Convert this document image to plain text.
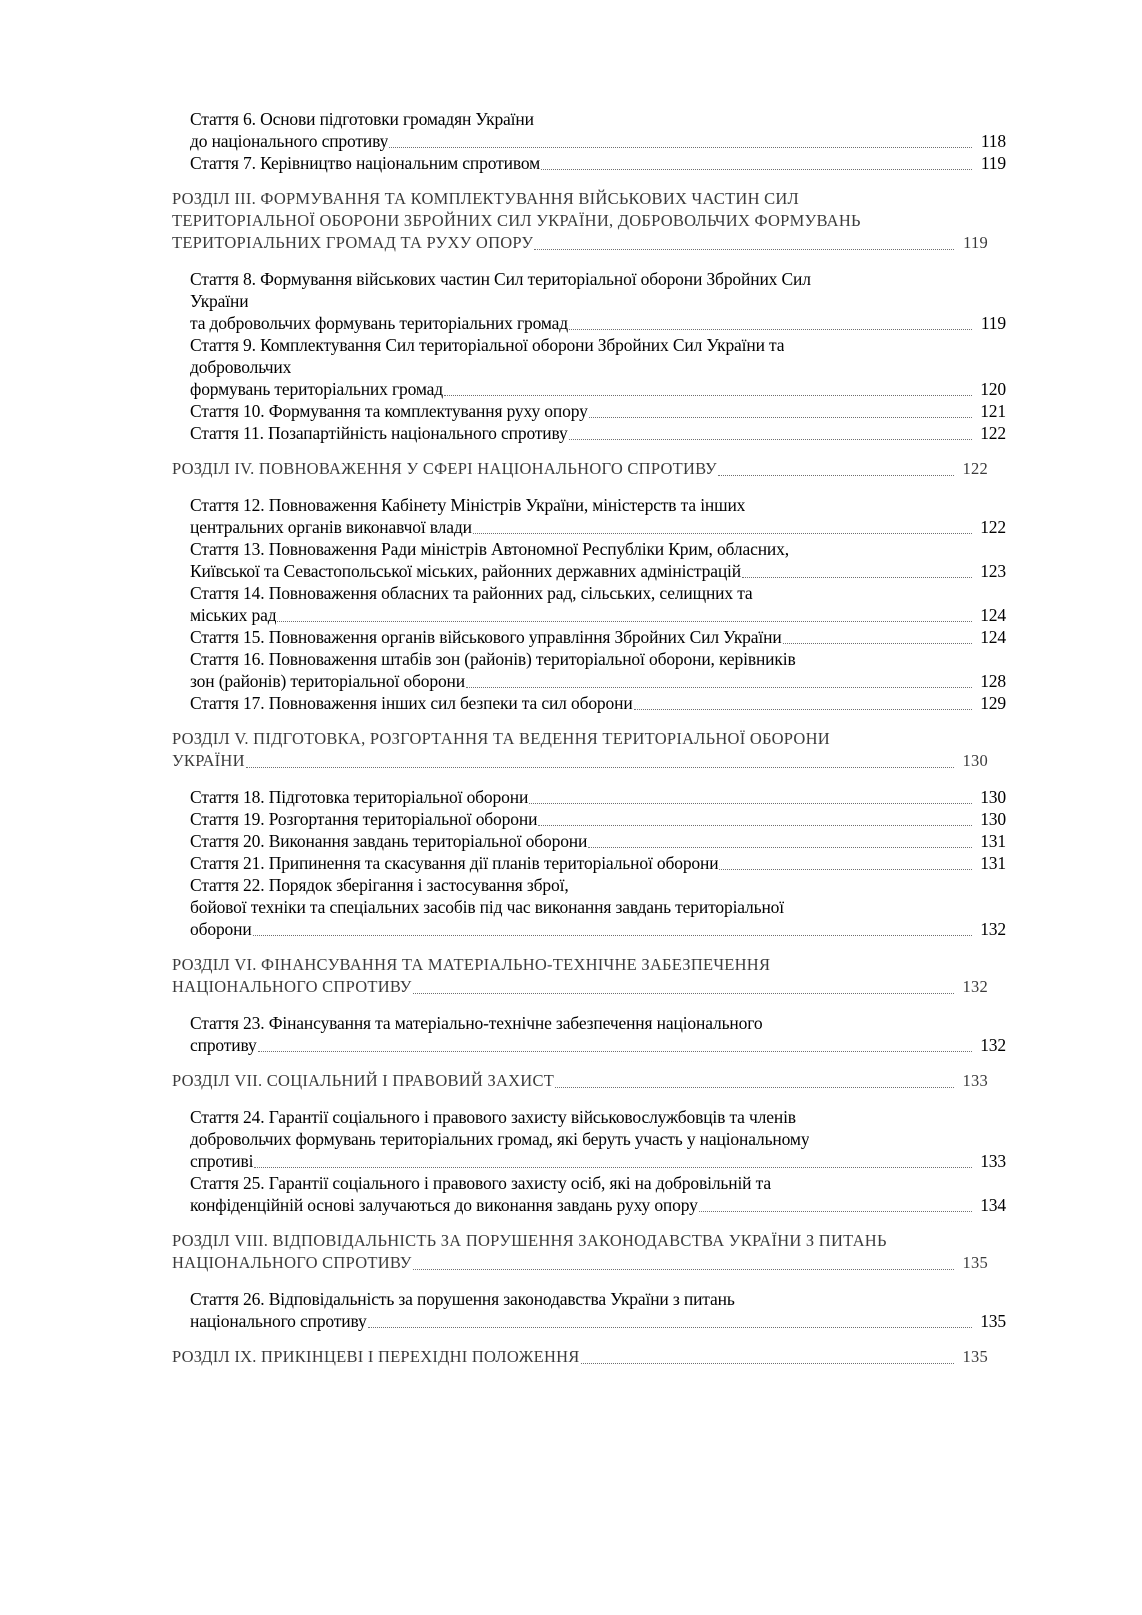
Стаття 6. Основи підготовки громадян України
до національного спротиву	118
Стаття 7. Керівництво національним спротивом	119
РОЗДІЛ III. ФОРМУВАННЯ ТА КОМПЛЕКТУВАННЯ ВІЙСЬКОВИХ ЧАСТИН СИЛ
ТЕРИТОРІАЛЬНОЇ ОБОРОНИ ЗБРОЙНИХ СИЛ УКРАЇНИ, ДОБРОВОЛЬЧИХ ФОРМУВАНЬ
ТЕРИТОРІАЛЬНИХ ГРОМАД ТА РУХУ ОПОРУ	119
Стаття 8. Формування військових частин Сил територіальної оборони Збройних Сил
України
та добровольчих формувань територіальних громад	119
Стаття 9. Комплектування Сил територіальної оборони Збройних Сил України та
добровольчих
формувань територіальних громад	120
Стаття 10. Формування та комплектування руху опору	121
Стаття 11. Позапартійність національного спротиву	122
РОЗДІЛ IV. ПОВНОВАЖЕННЯ У СФЕРІ НАЦІОНАЛЬНОГО СПРОТИВУ	122
Стаття 12. Повноваження Кабінету Міністрів України, міністерств та інших
центральних органів виконавчої влади	122
Стаття 13. Повноваження Ради міністрів Автономної Республіки Крим, обласних,
Київської та Севастопольської міських, районних державних адміністрацій	123
Стаття 14. Повноваження обласних та районних рад, сільських, селищних та
міських рад	124
Стаття 15. Повноваження органів військового управління Збройних Сил України	124
Стаття 16. Повноваження штабів зон (районів) територіальної оборони, керівників
зон (районів) територіальної оборони	128
Стаття 17. Повноваження інших сил безпеки та сил оборони	129
РОЗДІЛ V. ПІДГОТОВКА, РОЗГОРТАННЯ ТА ВЕДЕННЯ ТЕРИТОРІАЛЬНОЇ ОБОРОНИ
УКРАЇНИ	130
Стаття 18. Підготовка територіальної оборони	130
Стаття 19. Розгортання територіальної оборони	130
Стаття 20. Виконання завдань територіальної оборони	131
Стаття 21. Припинення та скасування дії планів територіальної оборони	131
Стаття 22. Порядок зберігання і застосування зброї,
бойової техніки та спеціальних засобів під час виконання завдань територіальної
оборони	132
РОЗДІЛ VI. ФІНАНСУВАННЯ ТА МАТЕРІАЛЬНО-ТЕХНІЧНЕ ЗАБЕЗПЕЧЕННЯ
НАЦІОНАЛЬНОГО СПРОТИВУ	132
Стаття 23. Фінансування та матеріально-технічне забезпечення національного
спротиву	132
РОЗДІЛ VII. СОЦІАЛЬНИЙ І ПРАВОВИЙ ЗАХИСТ	133
Стаття 24. Гарантії соціального і правового захисту військовослужбовців та членів
добровольчих формувань територіальних громад, які беруть участь у національному
спротиві	133
Стаття 25. Гарантії соціального і правового захисту осіб, які на добровільній та
конфіденційній основі залучаються до виконання завдань руху опору	134
РОЗДІЛ VIII. ВІДПОВІДАЛЬНІСТЬ ЗА ПОРУШЕННЯ ЗАКОНОДАВСТВА УКРАЇНИ З ПИТАНЬ
НАЦІОНАЛЬНОГО СПРОТИВУ	135
Стаття 26. Відповідальність за порушення законодавства України з питань
національного спротиву	135
РОЗДІЛ IX. ПРИКІНЦЕВІ І ПЕРЕХІДНІ ПОЛОЖЕННЯ	135
